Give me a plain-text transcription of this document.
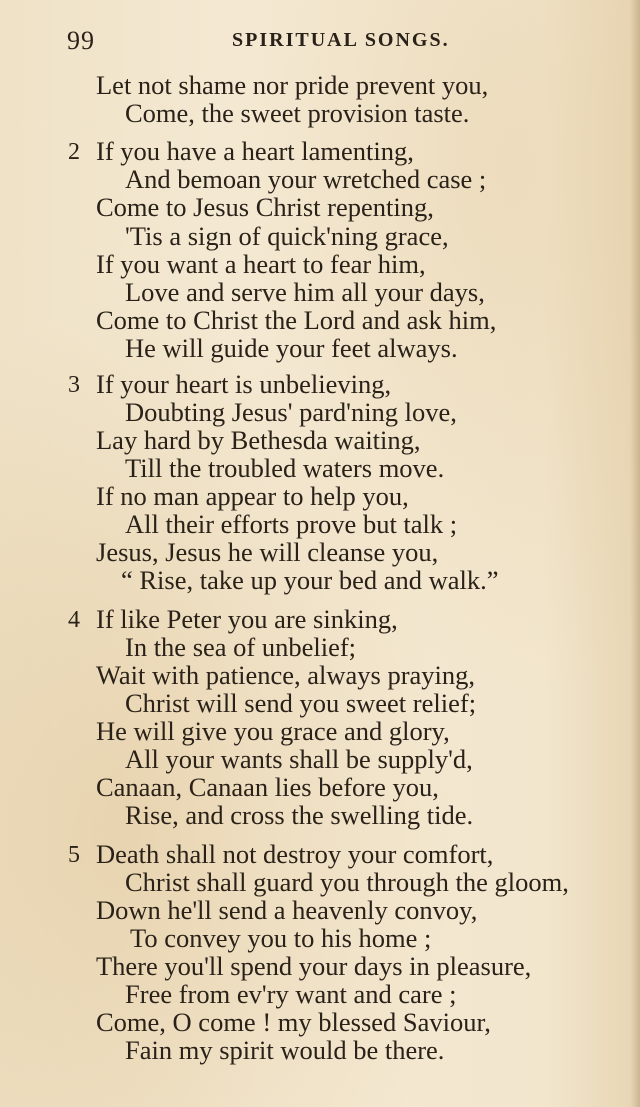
99	SPIRITUAL SONGS.
Let not shame nor pride prevent you,
Come, the sweet provision taste.
2 If you have a heart lamenting,
And bemoan your wretched case ;
Come to Jesus Christ repenting,
'Tis a sign of quick'ning grace,
If you want a heart to fear him,
Love and serve him all your days,
Come to Christ the Lord and ask him,
He will guide your feet always.
3 If your heart is unbelieving,
Doubting Jesus' pard'ning love,
Lay hard by Bethesda waiting,
Till the troubled waters move.
If no man appear to help you,
All their efforts prove but talk ;
Jesus, Jesus he will cleanse you,
“ Rise, take up your bed and walk.”
4 If like Peter you are sinking,
In the sea of unbelief;
Wait with patience, always praying,
Christ will send you sweet relief;
He will give you grace and glory,
All your wants shall be supply'd,
Canaan, Canaan lies before you,
Rise, and cross the swelling tide.
5 Death shall not destroy your comfort,
Christ shall guard you through the gloom,
Down he'll send a heavenly convoy,
To convey you to his home ;
There you'll spend your days in pleasure,
Free from ev'ry want and care ;
Come, O come ! my blessed Saviour,
Fain my spirit would be there.
